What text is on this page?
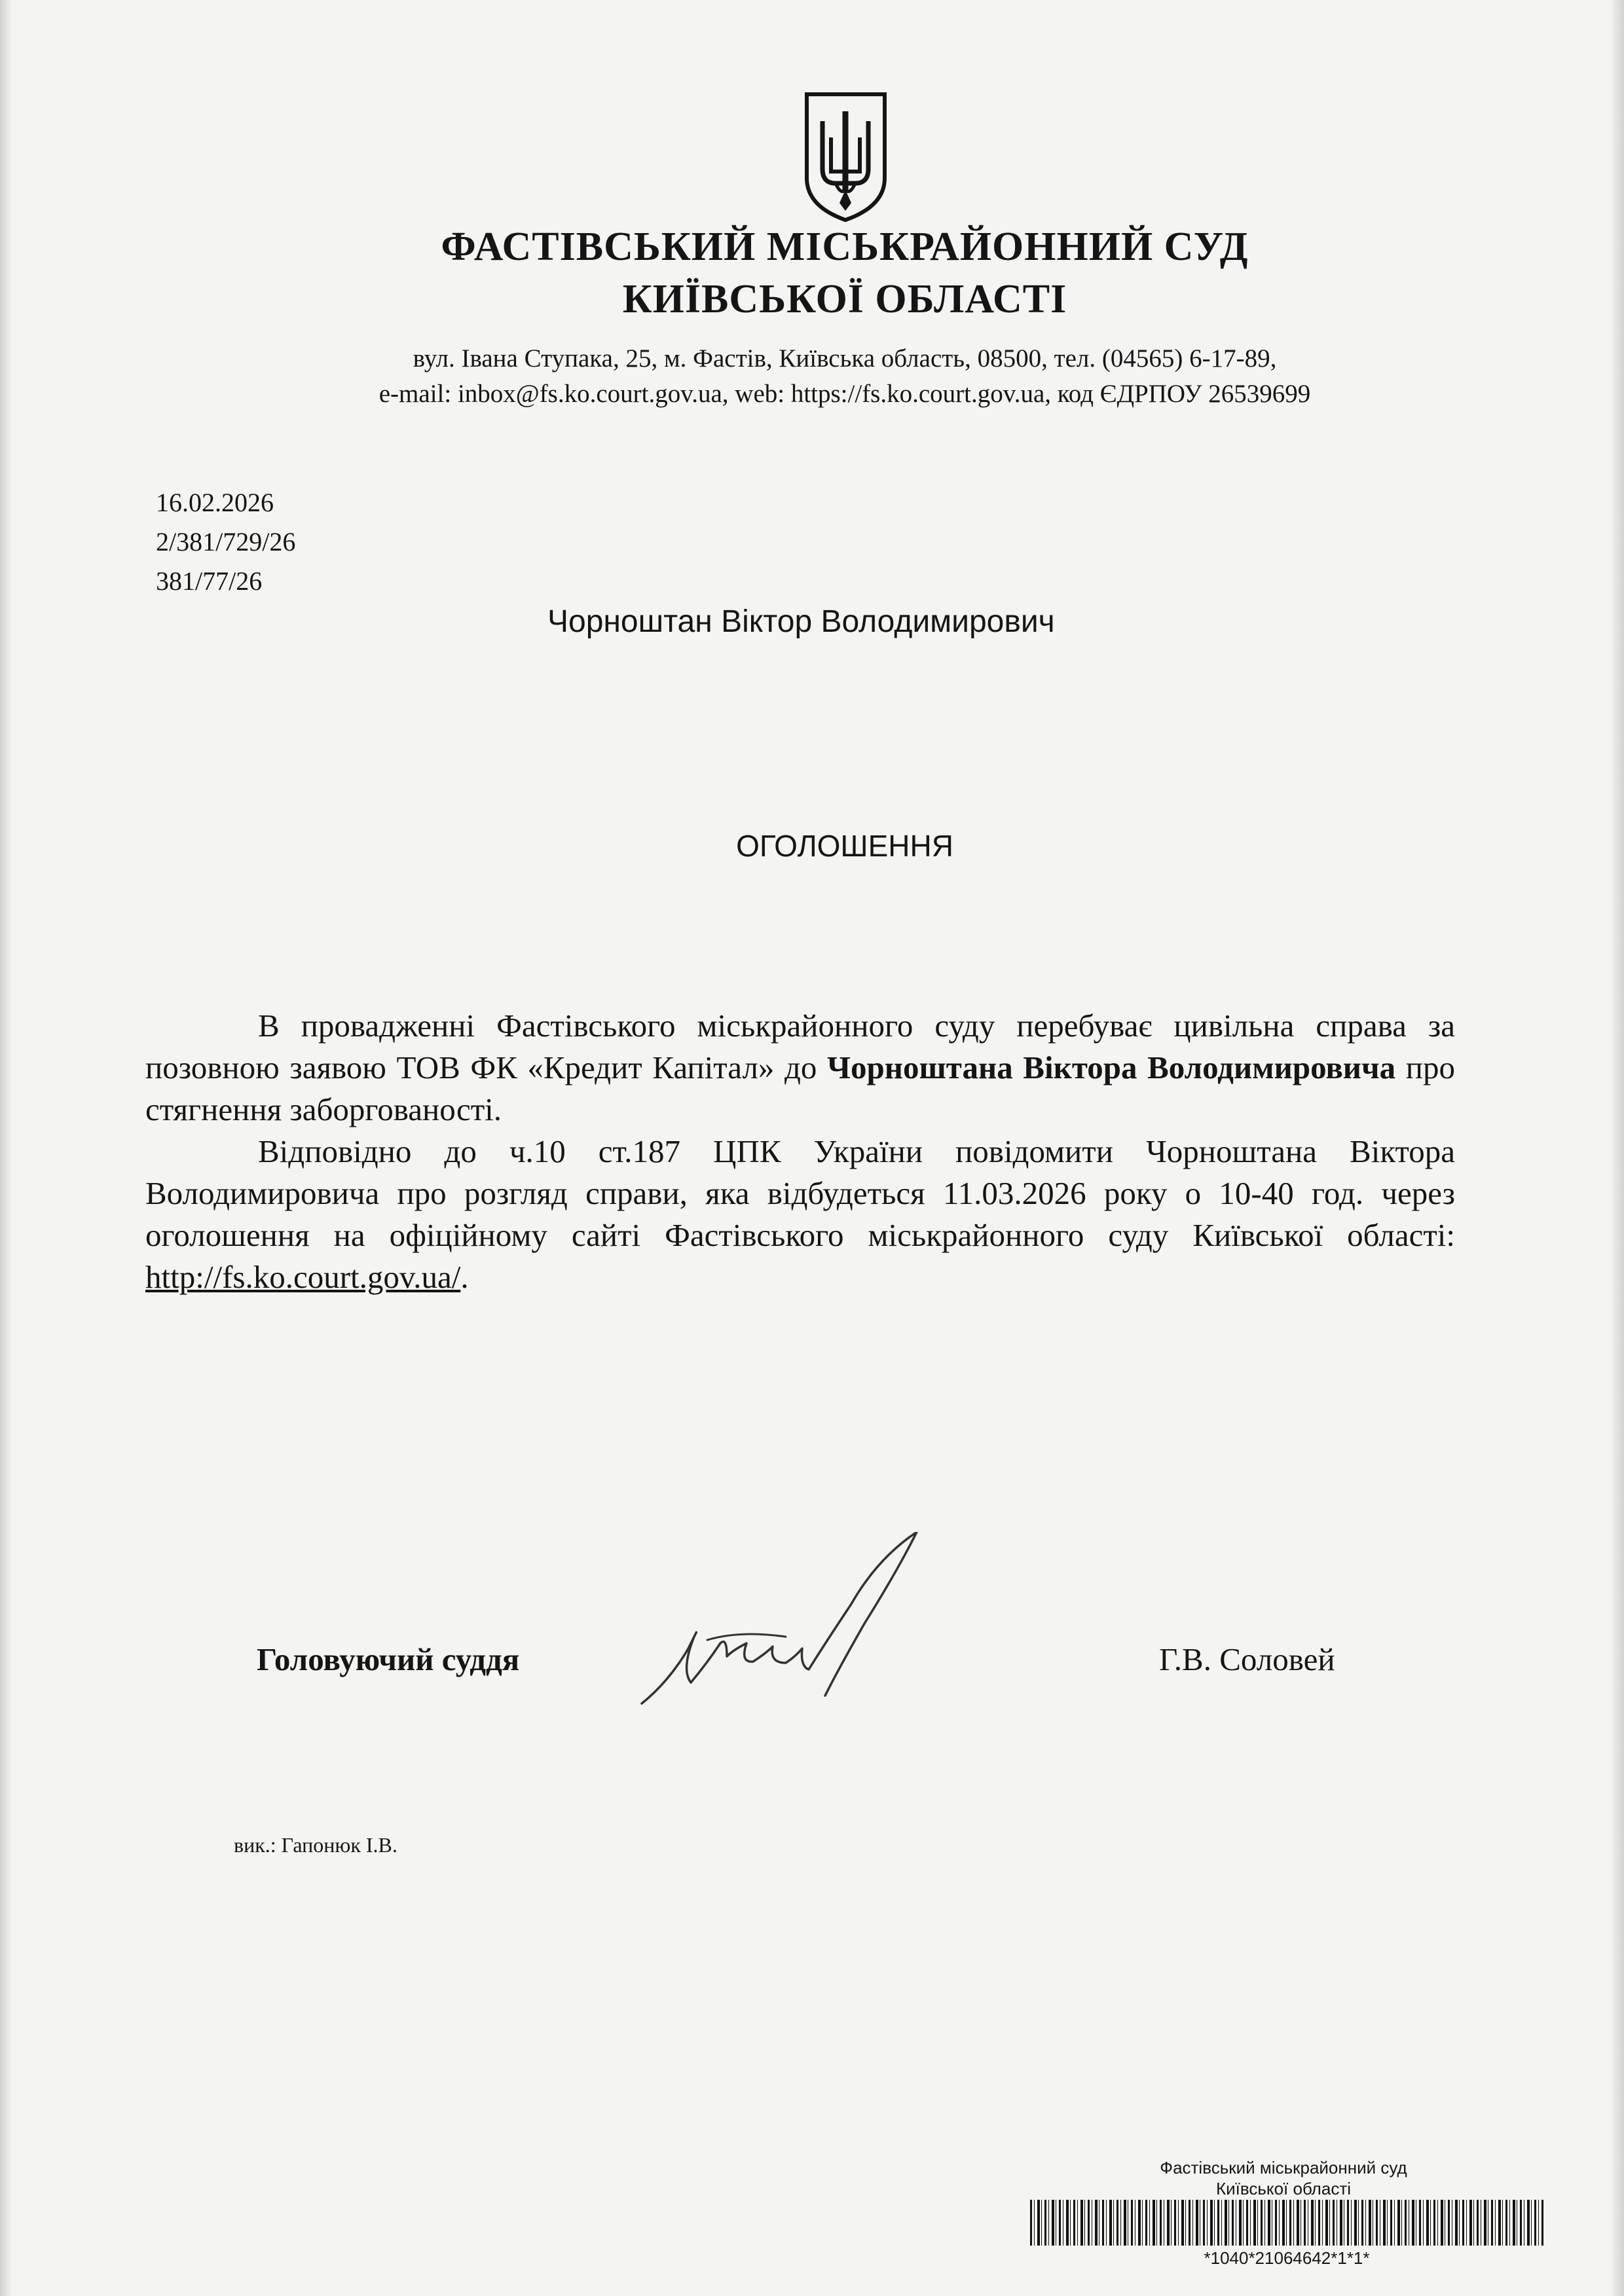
ФАСТІВСЬКИЙ МІСЬКРАЙОННИЙ СУД
КИЇВСЬКОЇ ОБЛАСТІ
вул. Івана Ступака, 25, м. Фастів, Київська область, 08500, тел. (04565) 6-17-89,
e-mail: inbox@fs.ko.court.gov.ua, web: https://fs.ko.court.gov.ua, код ЄДРПОУ 26539699
16.02.2026
2/381/729/26
381/77/26
Чорноштан Віктор Володимирович
ОГОЛОШЕННЯ

В провадженні Фастівського міськрайонного суду перебуває цивільна справа за позовною заявою ТОВ ФК «Кредит Капітал» до Чорноштана Віктора Володимировича про стягнення заборгованості.

Відповідно до ч.10 ст.187 ЦПК України повідомити Чорноштана Віктора Володимировича про розгляд справи, яка відбудеться 11.03.2026 року о 10-40 год. через оголошення на офіційному сайті Фастівського міськрайонного суду Київської області: http://fs.ko.court.gov.ua/.

Головуючий суддя	Г.В. Соловей
вик.: Гапонюк І.В.
Фастівський міськрайонний суд
Київської області
*1040*21064642*1*1*
